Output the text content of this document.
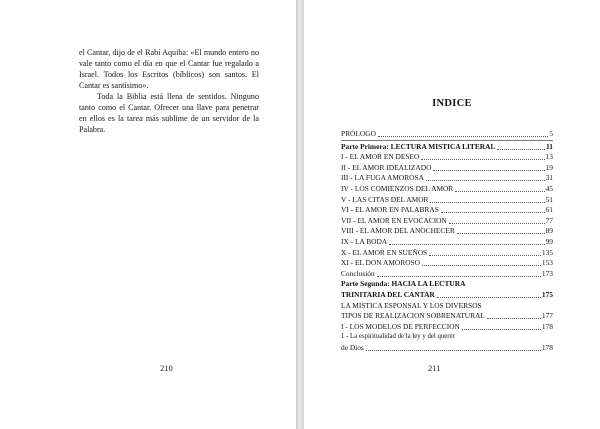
el Cantar, dijo de el Rabí Aquiba: «El mundo entero no vale tanto como el día en que el Cantar fue regalado a Israel. Todos los Escritos (bíblicos) son santos. El Cantar es santísimo».

Toda la Biblia está llena de sentidos. Ninguno tanto como el Cantar. Ofrecer una llave para penetrar en ellos es la tarea más sublime de un servidor de la Palabra.

210
INDICE
PRÓLOGO	5
Parte Primera: LECTURA MISTICA LITERAL	11
I - EL AMOR EN DESEO	13
II - EL AMOR IDEALIZADO	19
III - LA FUGA AMOROSA	31
IV - LOS COMIENZOS DEL AMOR	45
V - LAS CITAS DEL AMOR	51
VI - EL AMOR EN PALABRAS	61
VII - EL AMOR EN EVOCACION	77
VIII - EL AMOR DEL ANOCHECER	89
IX - LA BODA	99
X - EL AMOR EN SUEÑOS	135
XI - EL DON AMOROSO	153
Conclusión	173
Parte Segunda: HACIA LA LECTURA
TRINITARIA DEL CANTAR	175
LA MISTICA ESPONSAL Y LOS DIVERSOS
TIPOS DE REALIZACION SOBRENATURAL	177
I - LOS MODELOS DE PERFECCION	178
1 - La espiritualidad de la ley y del querer
de Dios	178
211
